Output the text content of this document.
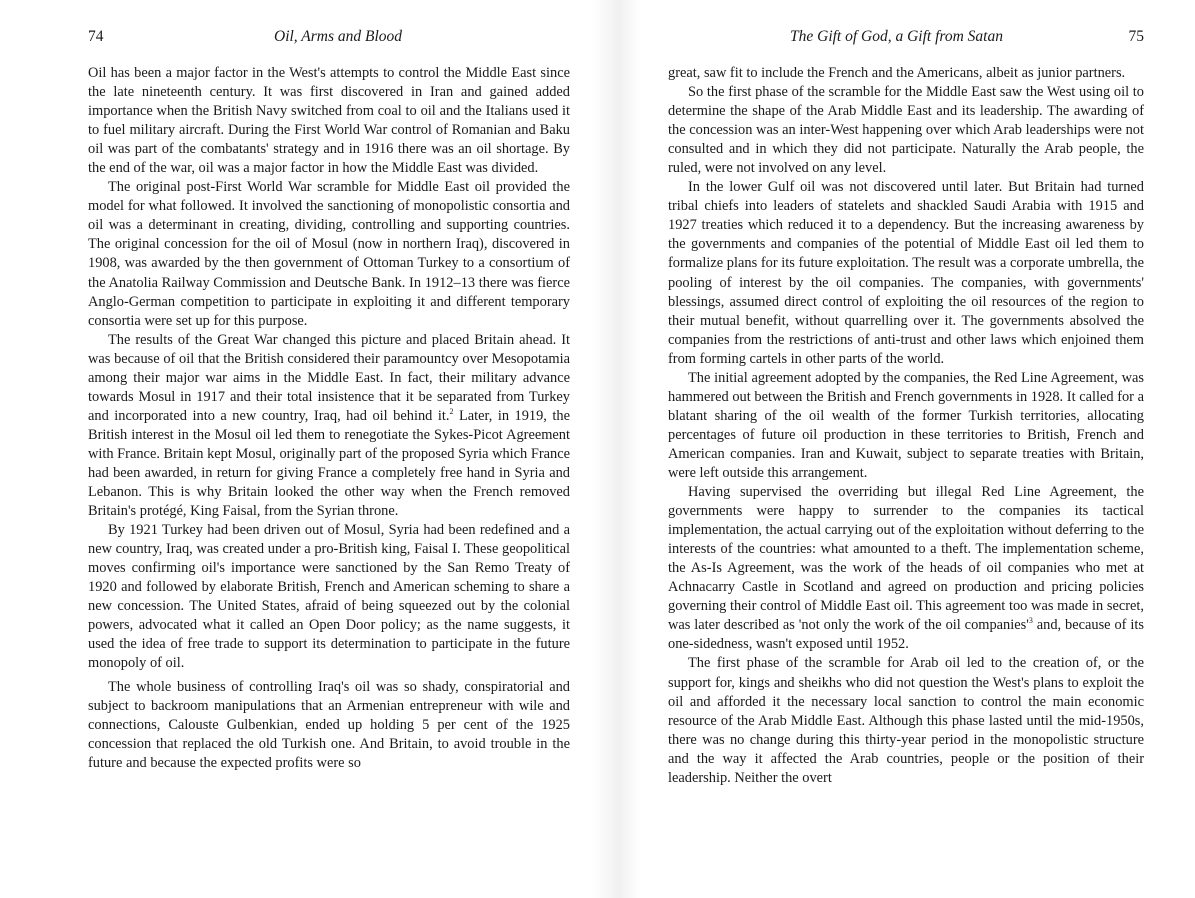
74	Oil, Arms and Blood

Oil has been a major factor in the West's attempts to control the Middle East since the late nineteenth century. It was first discovered in Iran and gained added importance when the British Navy switched from coal to oil and the Italians used it to fuel military aircraft. During the First World War control of Romanian and Baku oil was part of the combatants' strategy and in 1916 there was an oil shortage. By the end of the war, oil was a major factor in how the Middle East was divided.

The original post-First World War scramble for Middle East oil provided the model for what followed. It involved the sanctioning of monopolistic consortia and oil was a determinant in creating, dividing, controlling and supporting countries. The original concession for the oil of Mosul (now in northern Iraq), discovered in 1908, was awarded by the then government of Ottoman Turkey to a consortium of the Anatolia Railway Commission and Deutsche Bank. In 1912–13 there was fierce Anglo-German competition to participate in exploiting it and different temporary consortia were set up for this purpose.

The results of the Great War changed this picture and placed Britain ahead. It was because of oil that the British considered their paramountcy over Mesopotamia among their major war aims in the Middle East. In fact, their military advance towards Mosul in 1917 and their total insistence that it be separated from Turkey and incorporated into a new country, Iraq, had oil behind it.$^2$ Later, in 1919, the British interest in the Mosul oil led them to renegotiate the Sykes-Picot Agreement with France. Britain kept Mosul, originally part of the proposed Syria which France had been awarded, in return for giving France a completely free hand in Syria and Lebanon. This is why Britain looked the other way when the French removed Britain's protégé, King Faisal, from the Syrian throne.

By 1921 Turkey had been driven out of Mosul, Syria had been redefined and a new country, Iraq, was created under a pro-British king, Faisal I. These geopolitical moves confirming oil's importance were sanctioned by the San Remo Treaty of 1920 and followed by elaborate British, French and American scheming to share a new concession. The United States, afraid of being squeezed out by the colonial powers, advocated what it called an Open Door policy; as the name suggests, it used the idea of free trade to support its determination to participate in the future monopoly of oil.

The whole business of controlling Iraq's oil was so shady, conspiratorial and subject to backroom manipulations that an Armenian entrepreneur with wile and connections, Calouste Gulbenkian, ended up holding 5 per cent of the 1925 concession that replaced the old Turkish one. And Britain, to avoid trouble in the future and because the expected profits were so

The Gift of God, a Gift from Satan	75

great, saw fit to include the French and the Americans, albeit as junior partners.

So the first phase of the scramble for the Middle East saw the West using oil to determine the shape of the Arab Middle East and its leadership. The awarding of the concession was an inter-West happening over which Arab leaderships were not consulted and in which they did not participate. Naturally the Arab people, the ruled, were not involved on any level.

In the lower Gulf oil was not discovered until later. But Britain had turned tribal chiefs into leaders of statelets and shackled Saudi Arabia with 1915 and 1927 treaties which reduced it to a dependency. But the increasing awareness by the governments and companies of the potential of Middle East oil led them to formalize plans for its future exploitation. The result was a corporate umbrella, the pooling of interest by the oil companies. The companies, with governments' blessings, assumed direct control of exploiting the oil resources of the region to their mutual benefit, without quarrelling over it. The governments absolved the companies from the restrictions of anti-trust and other laws which enjoined them from forming cartels in other parts of the world.

The initial agreement adopted by the companies, the Red Line Agreement, was hammered out between the British and French governments in 1928. It called for a blatant sharing of the oil wealth of the former Turkish territories, allocating percentages of future oil production in these territories to British, French and American companies. Iran and Kuwait, subject to separate treaties with Britain, were left outside this arrangement.

Having supervised the overriding but illegal Red Line Agreement, the governments were happy to surrender to the companies its tactical implementation, the actual carrying out of the exploitation without deferring to the interests of the countries: what amounted to a theft. The implementation scheme, the As-Is Agreement, was the work of the heads of oil companies who met at Achnacarry Castle in Scotland and agreed on production and pricing policies governing their control of Middle East oil. This agreement too was made in secret, was later described as 'not only the work of the oil $companies'^3$ and, because of its one-sidedness, wasn't exposed until 1952.

The first phase of the scramble for Arab oil led to the creation of, or the support for, kings and sheikhs who did not question the West's plans to exploit the oil and afforded it the necessary local sanction to control the main economic resource of the Arab Middle East. Although this phase lasted until the mid-1950s, there was no change during this thirty-year period in the monopolistic structure and the way it affected the Arab countries, people or the position of their leadership. Neither the overt
